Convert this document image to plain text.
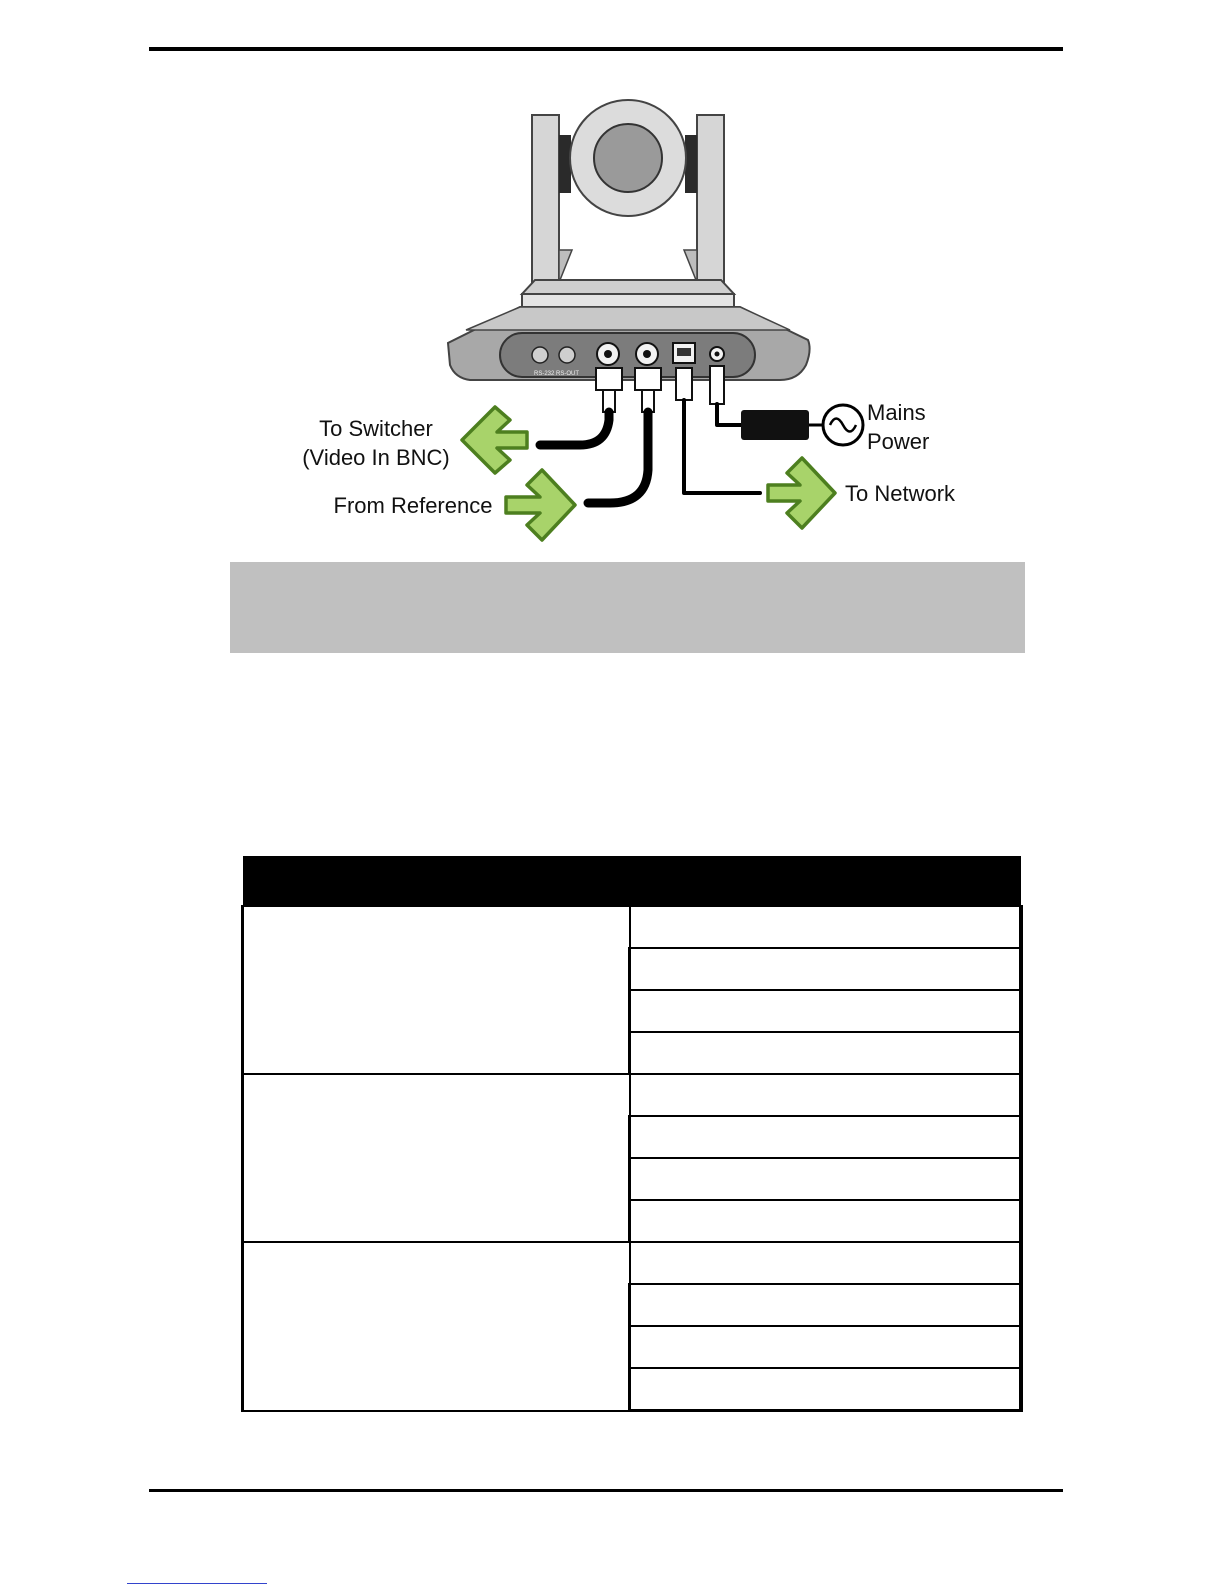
RS-232 RS-OUT
To Switcher
(Video In BNC)
From Reference
Mains
Power
To Network
